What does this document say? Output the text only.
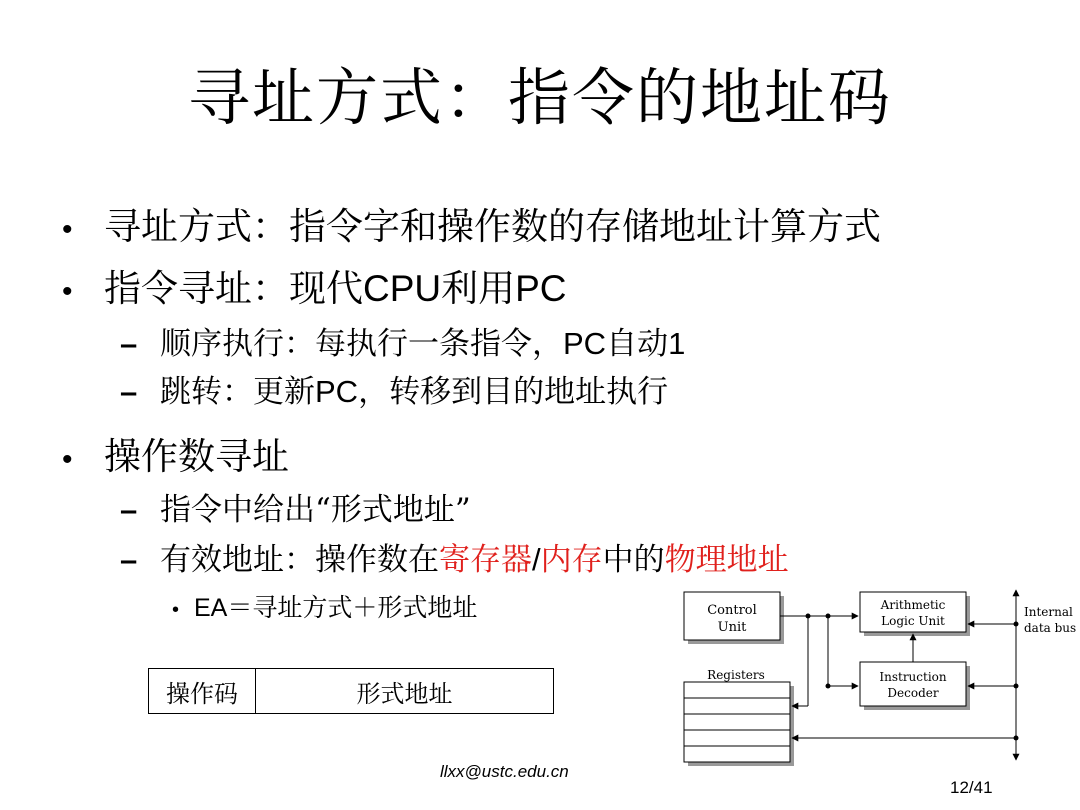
寻址方式：指令的地址码
• 寻址方式：指令字和操作数的存储地址计算方式
• 指令寻址：现代 CPU 利用 PC
– 顺序执行：每执行一条指令， PC 自动 1
– 跳转：更新 PC ，转移到目的地址执行
• 操作数寻址
– 指令中给出“形式地址”
– 有效地址：操作数在 寄存器 / 内存 中的 物理地址
• EA ＝寻址方式＋形式地址
操作码	形式地址
Control
Unit
Arithmetic
Logic Unit
Registers	Instruction
Decoder
Internal
data bus
llxx@ustc.edu.cn
12/41
